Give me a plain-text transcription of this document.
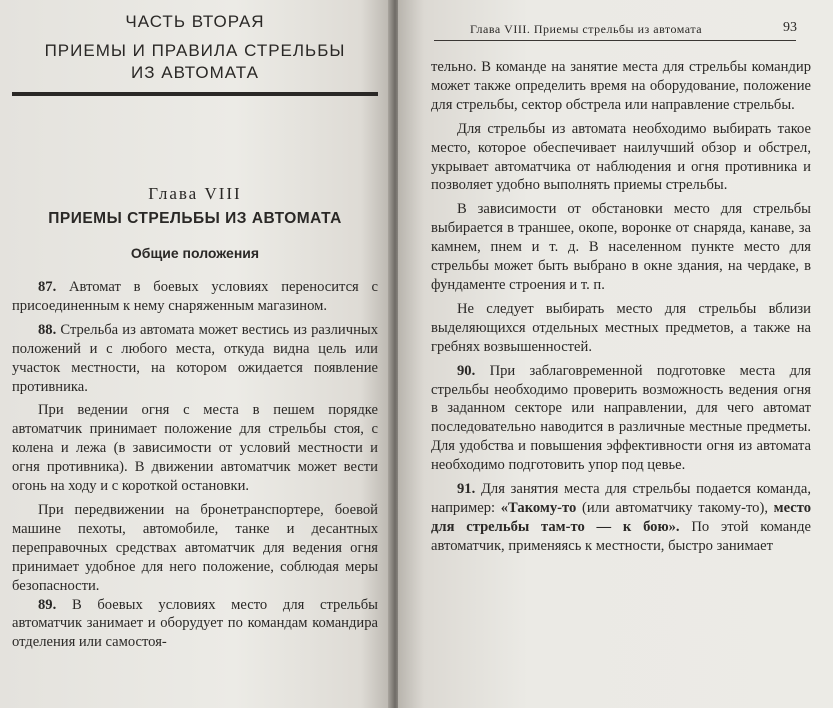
ЧАСТЬ ВТОРАЯ
ПРИЕМЫ И ПРАВИЛА СТРЕЛЬБЫ
ИЗ АВТОМАТА
Глава VIII
ПРИЕМЫ СТРЕЛЬБЫ ИЗ АВТОМАТА
Общие положения

87. Автомат в боевых условиях переносится с присоединенным к нему снаряженным магазином.

88. Стрельба из автомата может вестись из различных положений и с любого места, откуда видна цель или участок местности, на котором ожидается появление противника.

При ведении огня с места в пешем порядке автоматчик принимает положение для стрельбы стоя, с колена и лежа (в зависимости от условий местности и огня противника). В движении автоматчик может вести огонь на ходу и с короткой остановки.

При передвижении на бронетранспортере, боевой машине пехоты, автомобиле, танке и десантных переправочных средствах автоматчик для ведения огня принимает удобное для него положение, соблюдая меры безопасности.

89. В боевых условиях место для стрельбы автоматчик занимает и оборудует по командам командира отделения или самостоя-

Глава VIII. Приемы стрельбы из автомата	93

тельно. В команде на занятие места для стрельбы командир может также определить время на оборудование, положение для стрельбы, сектор обстрела или направление стрельбы.

Для стрельбы из автомата необходимо выбирать такое место, которое обеспечивает наилучший обзор и обстрел, укрывает автоматчика от наблюдения и огня противника и позволяет удобно выполнять приемы стрельбы.

В зависимости от обстановки место для стрельбы выбирается в траншее, окопе, воронке от снаряда, канаве, за камнем, пнем и т. д. В населенном пункте место для стрельбы может быть выбрано в окне здания, на чердаке, в фундаменте строения и т. п.

Не следует выбирать место для стрельбы вблизи выделяющихся отдельных местных предметов, а также на гребнях возвышенностей.

90. При заблаговременной подготовке места для стрельбы необходимо проверить возможность ведения огня в заданном секторе или направлении, для чего автомат последовательно наводится в различные местные предметы. Для удобства и повышения эффективности огня из автомата необходимо подготовить упор под цевье.

91. Для занятия места для стрельбы подается команда, например: «Такому-то (или автоматчику такому-то), место для стрельбы там-то — к бою». По этой команде автоматчик, применяясь к местности, быстро занимает
